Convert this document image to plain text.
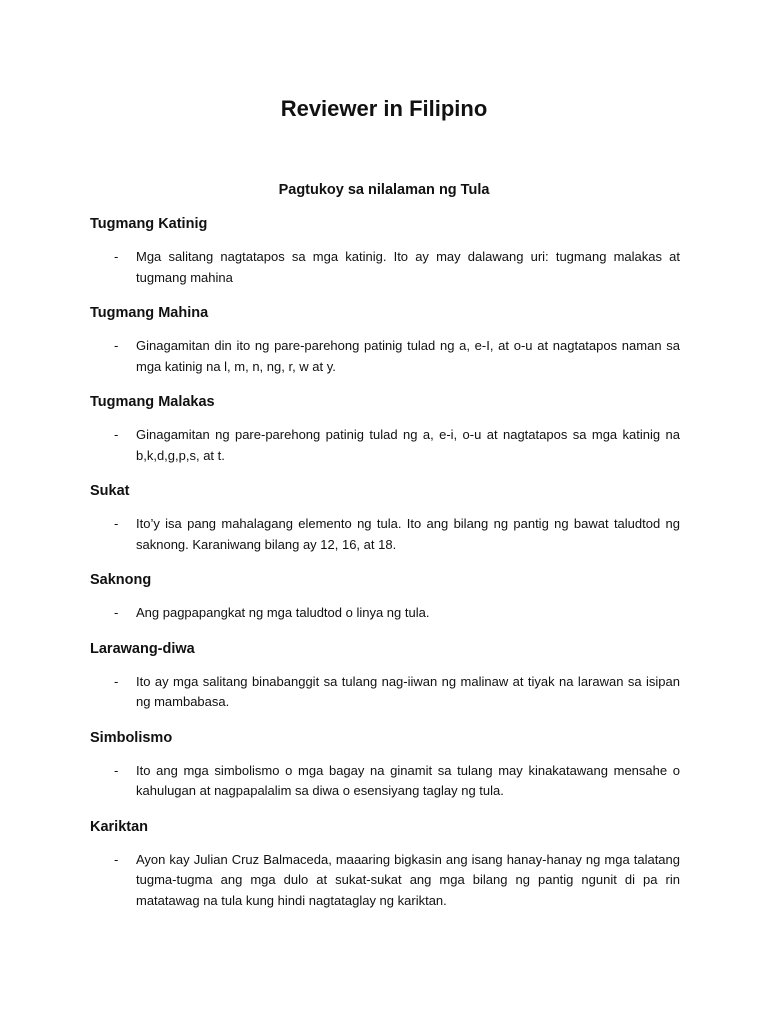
Reviewer in Filipino
Pagtukoy sa nilalaman ng Tula
Tugmang Katinig
-	Mga salitang nagtatapos sa mga katinig. Ito ay may dalawang uri: tugmang malakas at tugmang mahina

Tugmang Mahina
-	Ginagamitan din ito ng pare-parehong patinig tulad ng a, e-I, at o-u at nagtatapos naman sa mga katinig na l, m, n, ng, r, w at y.

Tugmang Malakas
-	Ginagamitan ng pare-parehong patinig tulad ng a, e-i, o-u at nagtatapos sa mga katinig na b,k,d,g,p,s, at t.

Sukat
-	Ito’y isa pang mahalagang elemento ng tula. Ito ang bilang ng pantig ng bawat taludtod ng saknong. Karaniwang bilang ay 12, 16, at 18.

Saknong
-	Ang pagpapangkat ng mga taludtod o linya ng tula.

Larawang-diwa
-	Ito ay mga salitang binabanggit sa tulang nag-iiwan ng malinaw at tiyak na larawan sa isipan ng mambabasa.

Simbolismo
-	Ito ang mga simbolismo o mga bagay na ginamit sa tulang may kinakatawang mensahe o kahulugan at nagpapalalim sa diwa o esensiyang taglay ng tula.

Kariktan
-	Ayon kay Julian Cruz Balmaceda, maaaring bigkasin ang isang hanay-hanay ng mga talatang tugma-tugma ang mga dulo at sukat-sukat ang mga bilang ng pantig ngunit di pa rin matatawag na tula kung hindi nagtataglay ng kariktan.
